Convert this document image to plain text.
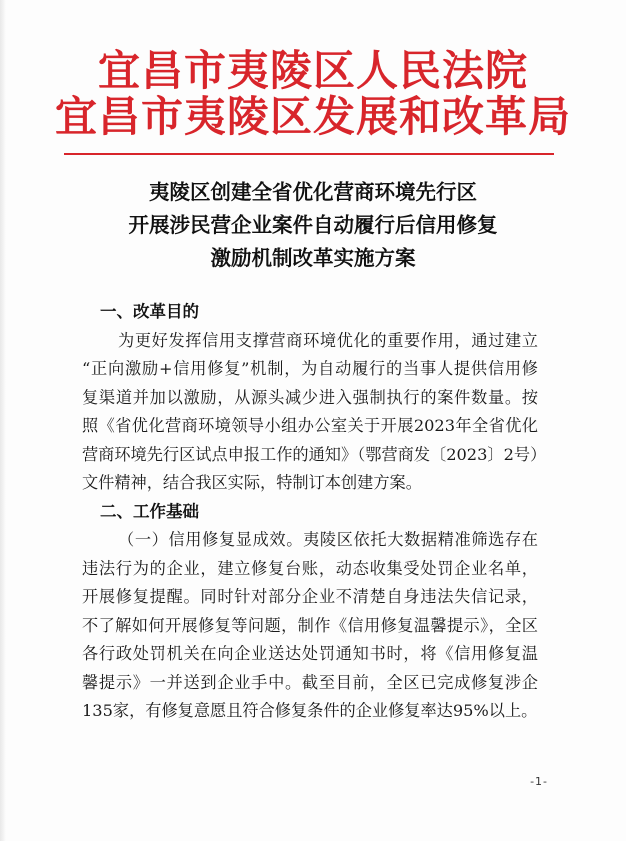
宜昌市夷陵区人民法院
宜昌市夷陵区发展和改革局
夷陵区创建全省优化营商环境先行区
开展涉民营企业案件自动履行后信用修复
激励机制改革实施方案
一、改革目的
为更好发挥信用支撑营商环境优化的重要作用，通过建立
“正向激励+信用修复”机制，为自动履行的当事人提供信用修
复渠道并加以激励，从源头减少进入强制执行的案件数量。按
照《省优化营商环境领导小组办公室关于开展2023年全省优化
营商环境先行区试点申报工作的通知》（鄂营商发〔2023〕2号）
文件精神，结合我区实际，特制订本创建方案。
二、工作基础
（一）信用修复显成效。夷陵区依托大数据精准筛选存在
违法行为的企业，建立修复台账，动态收集受处罚企业名单，
开展修复提醒。同时针对部分企业不清楚自身违法失信记录，
不了解如何开展修复等问题，制作《信用修复温馨提示》，全区
各行政处罚机关在向企业送达处罚通知书时，将《信用修复温
馨提示》一并送到企业手中。截至目前，全区已完成修复涉企
135家，有修复意愿且符合修复条件的企业修复率达95%以上。
-1-
